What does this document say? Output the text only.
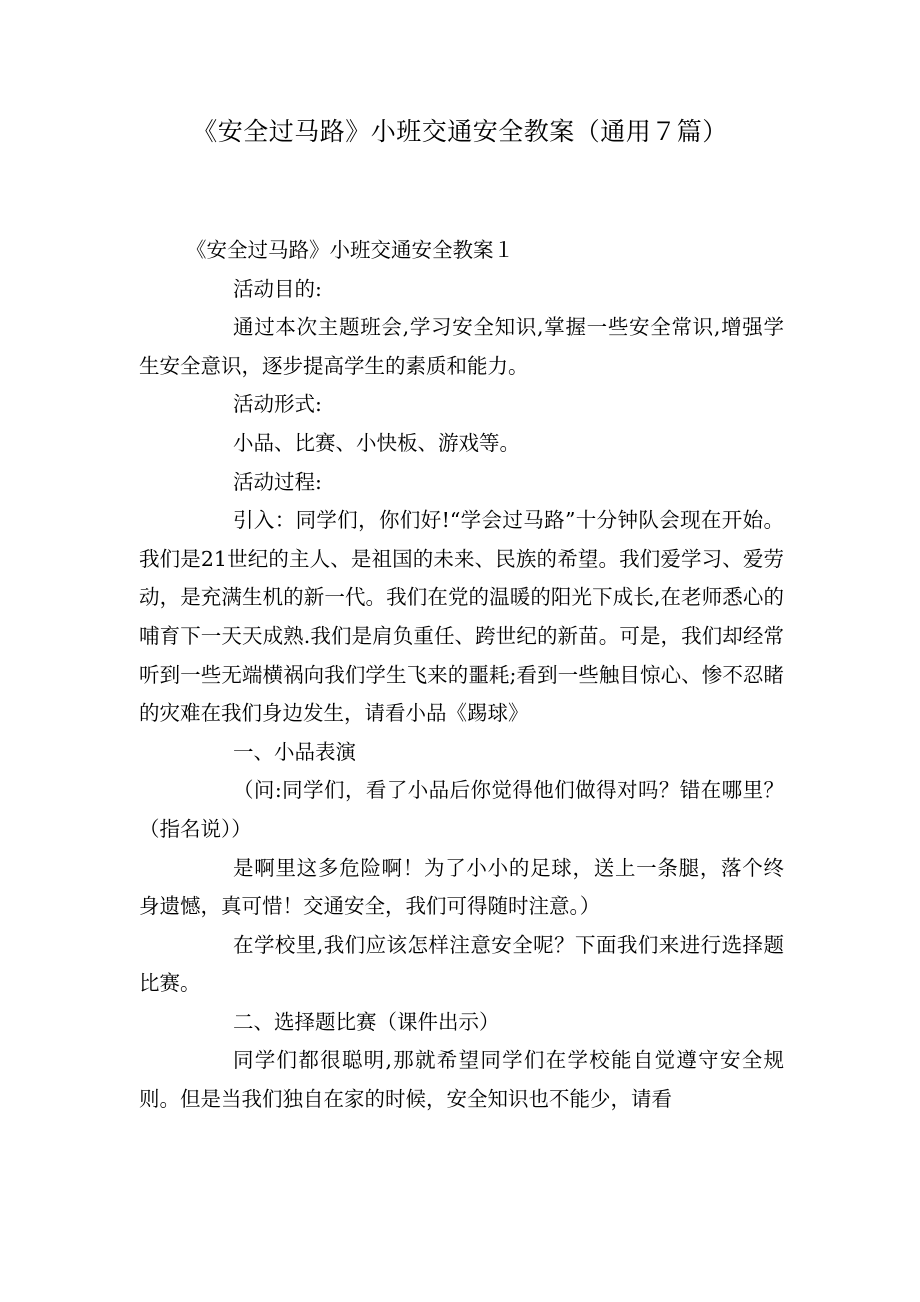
《安全过马路》小班交通安全教案（通用７篇）

《安全过马路》小班交通安全教案１

活动目的:

通过本次主题班会,学习安全知识,掌握一些安全常识,增强学生安全意识，逐步提高学生的素质和能力。

活动形式:

小品、比赛、小快板、游戏等。

活动过程:

引入：同学们，你们好!“学会过马路”十分钟队会现在开始。我们是21世纪的主人、是祖国的未来、民族的希望。我们爱学习、爱劳动，是充满生机的新一代。我们在党的温暖的阳光下成长,在老师悉心的哺育下一天天成熟.我们是肩负重任、跨世纪的新苗。可是，我们却经常听到一些无端横祸向我们学生飞来的噩耗;看到一些触目惊心、惨不忍睹的灾难在我们身边发生，请看小品《踢球》

一、小品表演

（问:同学们，看了小品后你觉得他们做得对吗？错在哪里？（指名说））

是啊里这多危险啊！为了小小的足球，送上一条腿，落个终身遗憾，真可惜！交通安全，我们可得随时注意。）

在学校里,我们应该怎样注意安全呢？下面我们来进行选择题比赛。

二、选择题比赛（课件出示）

同学们都很聪明,那就希望同学们在学校能自觉遵守安全规则。但是当我们独自在家的时候，安全知识也不能少，请看
